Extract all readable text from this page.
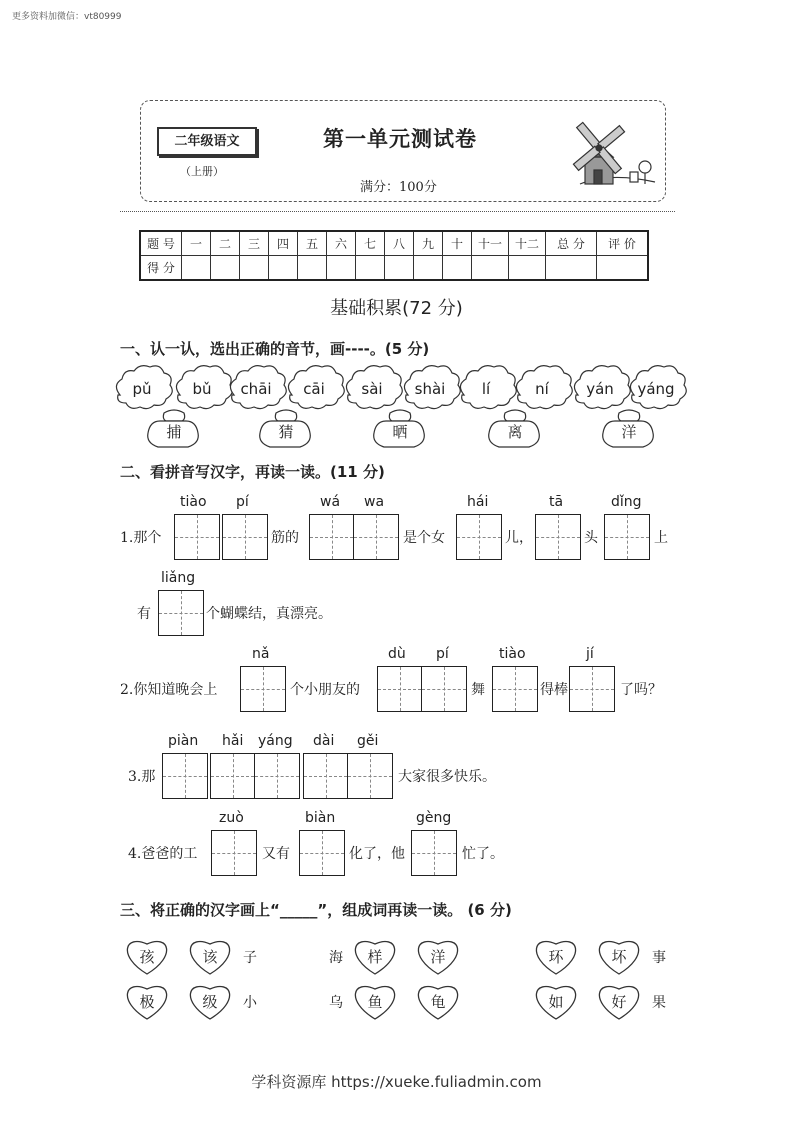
更多资料加微信：vt80999
二年级语文
（上册）
第一单元测试卷
满分：100分
题 号	一	二	三	四	五	六	七	八	九	十	十一	十二	总 分	评 价
得 分														
基础积累(72 分)
一、认一认，选出正确的音节，画----。(5 分)
pǔ	bǔ	chāi	cāi	sài	shài	lí	ní	yán	yáng
捕	猜	晒	离	洋
二、看拼音写汉字，再读一读。(11 分)
tiào pí	wá wa	hái	tā	dǐng
1.那个	筋的	是个女	儿，	头	上
liǎng
有	个蝴蝶结，真漂亮。
nǎ	dù pí	tiào	jí
2.你知道晚会上	个小朋友的	舞	得棒	了吗？
piàn hǎi yáng dài gěi
3.那	大家很多快乐。
zuò	biàn	gèng
4.爸爸的工	又有	化了，他	忙了。
三、将正确的汉字画上“_____”，组成词再读一读。 (6 分)
孩	该	子	海	样	洋	环	坏	事
极	级	小	乌	鱼	龟	如	好	果
学科资源库 https://xueke.fuliadmin.com
